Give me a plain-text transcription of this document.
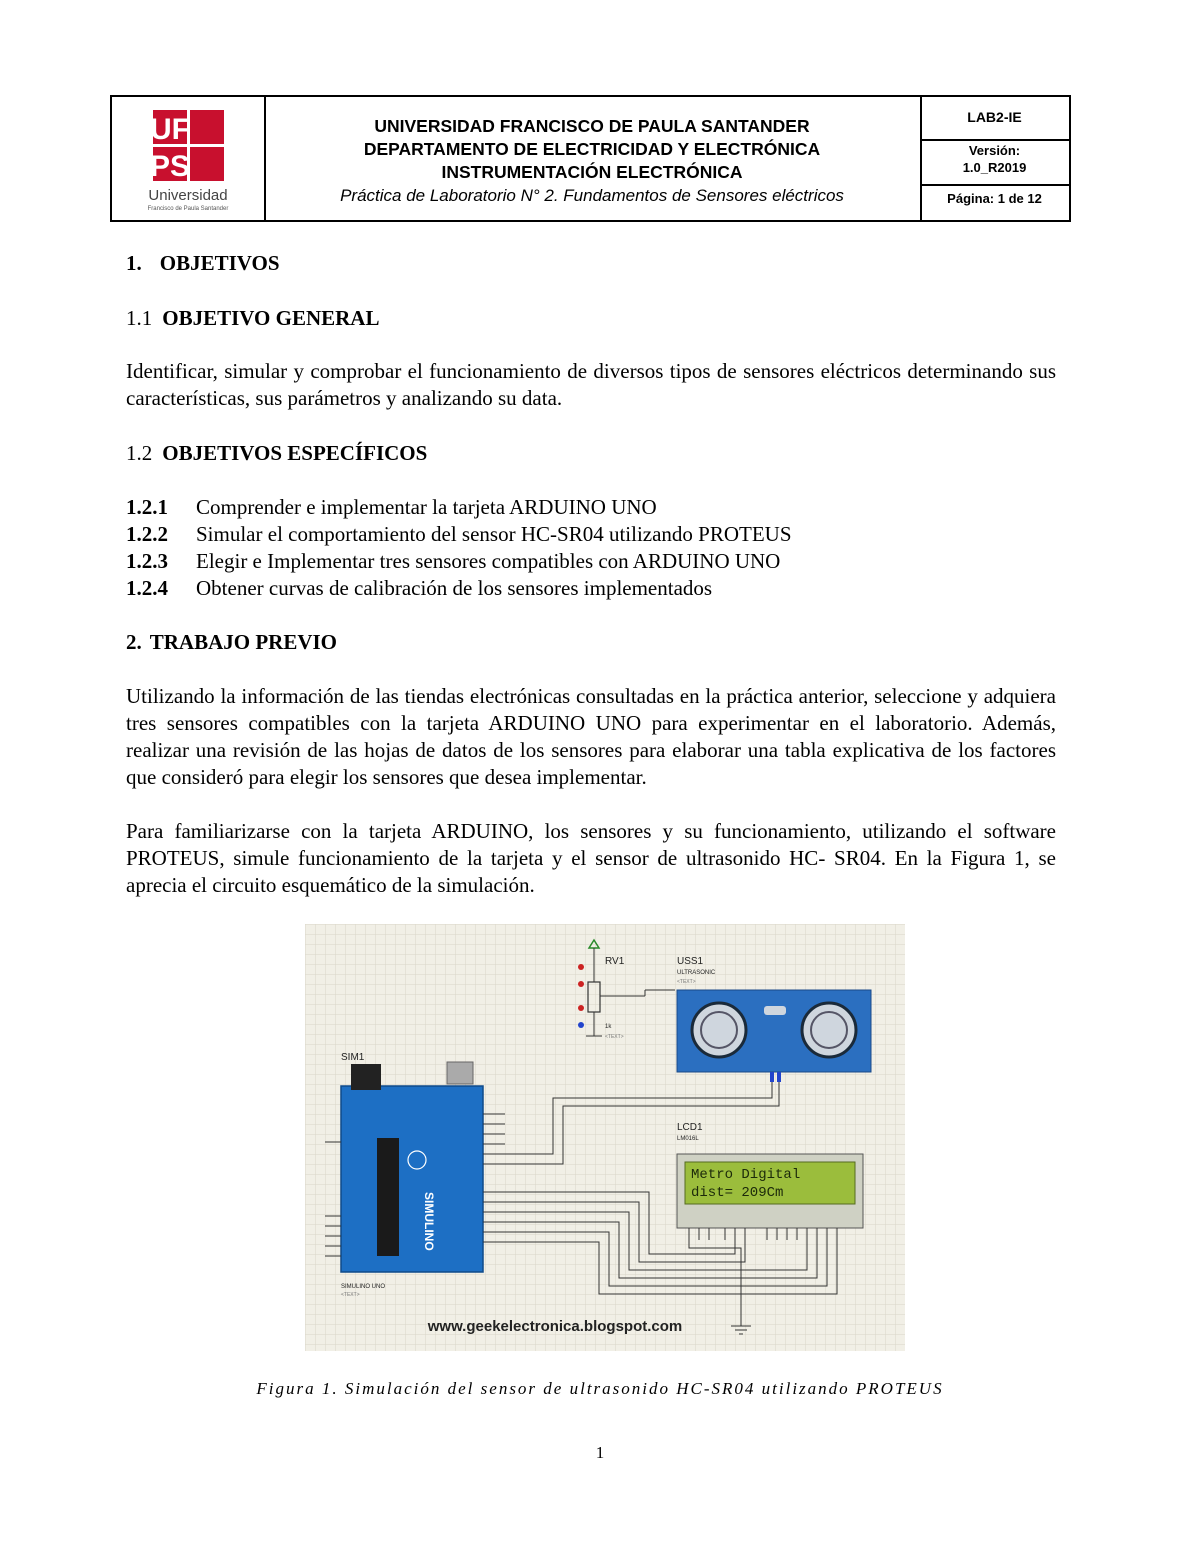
UF
PS
Universidad
Francisco de Paula Santander
UNIVERSIDAD FRANCISCO DE PAULA SANTANDER
DEPARTAMENTO DE ELECTRICIDAD Y ELECTRÓNICA
INSTRUMENTACIÓN ELECTRÓNICA
Práctica de Laboratorio N° 2. Fundamentos de Sensores eléctricos
LAB2-IE
Versión:
1.0_R2019
Página: 1 de 12
1. OBJETIVOS
1.1 OBJETIVO GENERAL
Identificar, simular y comprobar el funcionamiento de diversos tipos de sensores eléctricos determinando sus características, sus parámetros y analizando su data.
1.2 OBJETIVOS ESPECÍFICOS
1.2.1 Comprender e implementar la tarjeta ARDUINO UNO
1.2.2 Simular el comportamiento del sensor HC-SR04 utilizando PROTEUS
1.2.3 Elegir e Implementar tres sensores compatibles con ARDUINO UNO
1.2.4 Obtener curvas de calibración de los sensores implementados
2. TRABAJO PREVIO
Utilizando la información de las tiendas electrónicas consultadas en la práctica anterior, seleccione y adquiera tres sensores compatibles con la tarjeta ARDUINO UNO para experimentar en el laboratorio. Además, realizar una revisión de las hojas de datos de los sensores para elaborar una tabla explicativa de los factores que consideró para elegir los sensores que desea implementar.
Para familiarizarse con la tarjeta ARDUINO, los sensores y su funcionamiento, utilizando el software PROTEUS, simule funcionamiento de la tarjeta y el sensor de ultrasonido HC- SR04. En la Figura 1, se aprecia el circuito esquemático de la simulación.
RV1
1k
<TEXT>
USS1
ULTRASONIC
<TEXT>
SIM1
SIMULINO
SIMULINO UNO
<TEXT>
LCD1
LM016L
Metro Digital
dist= 209Cm
www.geekelectronica.blogspot.com
Figura 1. Simulación del sensor de ultrasonido HC-SR04 utilizando PROTEUS
1
